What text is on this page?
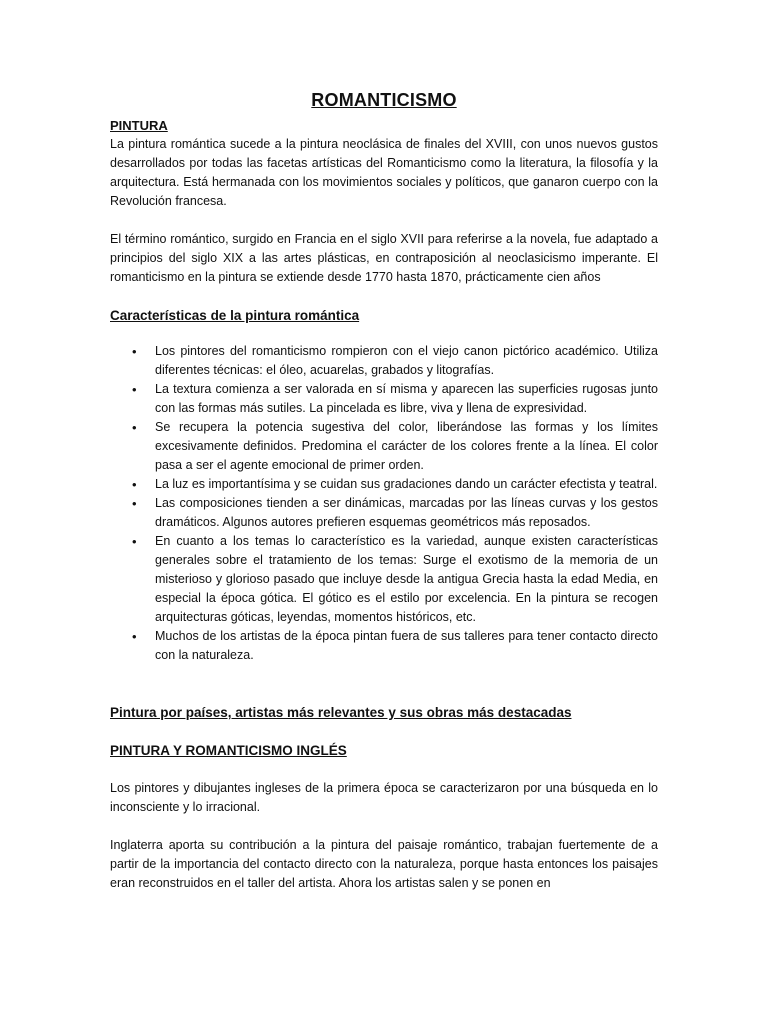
ROMANTICISMO
PINTURA

La pintura romántica sucede a la pintura neoclásica de finales del XVIII, con unos nuevos gustos desarrollados por todas las facetas artísticas del Romanticismo como la literatura, la filosofía y la arquitectura. Está hermanada con los movimientos sociales y políticos, que ganaron cuerpo con la Revolución francesa.

El término romántico, surgido en Francia en el siglo XVII para referirse a la novela, fue adaptado a principios del siglo XIX a las artes plásticas, en contraposición al neoclasicismo imperante. El romanticismo en la pintura se extiende desde 1770 hasta 1870, prácticamente cien años

Características de la pintura romántica
• Los pintores del romanticismo rompieron con el viejo canon pictórico académico. Utiliza diferentes técnicas: el óleo, acuarelas, grabados y litografías.
• La textura comienza a ser valorada en sí misma y aparecen las superficies rugosas junto con las formas más sutiles. La pincelada es libre, viva y llena de expresividad.
• Se recupera la potencia sugestiva del color, liberándose las formas y los límites excesivamente definidos. Predomina el carácter de los colores frente a la línea. El color pasa a ser el agente emocional de primer orden.
• La luz es importantísima y se cuidan sus gradaciones dando un carácter efectista y teatral.
• Las composiciones tienden a ser dinámicas, marcadas por las líneas curvas y los gestos dramáticos. Algunos autores prefieren esquemas geométricos más reposados.
• En cuanto a los temas lo característico es la variedad, aunque existen características generales sobre el tratamiento de los temas: Surge el exotismo de la memoria de un misterioso y glorioso pasado que incluye desde la antigua Grecia hasta la edad Media, en especial la época gótica. El gótico es el estilo por excelencia. En la pintura se recogen arquitecturas góticas, leyendas, momentos históricos, etc.
• Muchos de los artistas de la época pintan fuera de sus talleres para tener contacto directo con la naturaleza.
Pintura por países, artistas más relevantes y sus obras más destacadas
PINTURA Y ROMANTICISMO INGLÉS

Los pintores y dibujantes ingleses de la primera época se caracterizaron por una búsqueda en lo inconsciente y lo irracional.

Inglaterra aporta su contribución a la pintura del paisaje romántico, trabajan fuertemente de a partir de la importancia del contacto directo con la naturaleza, porque hasta entonces los paisajes eran reconstruidos en el taller del artista. Ahora los artistas salen y se ponen en
